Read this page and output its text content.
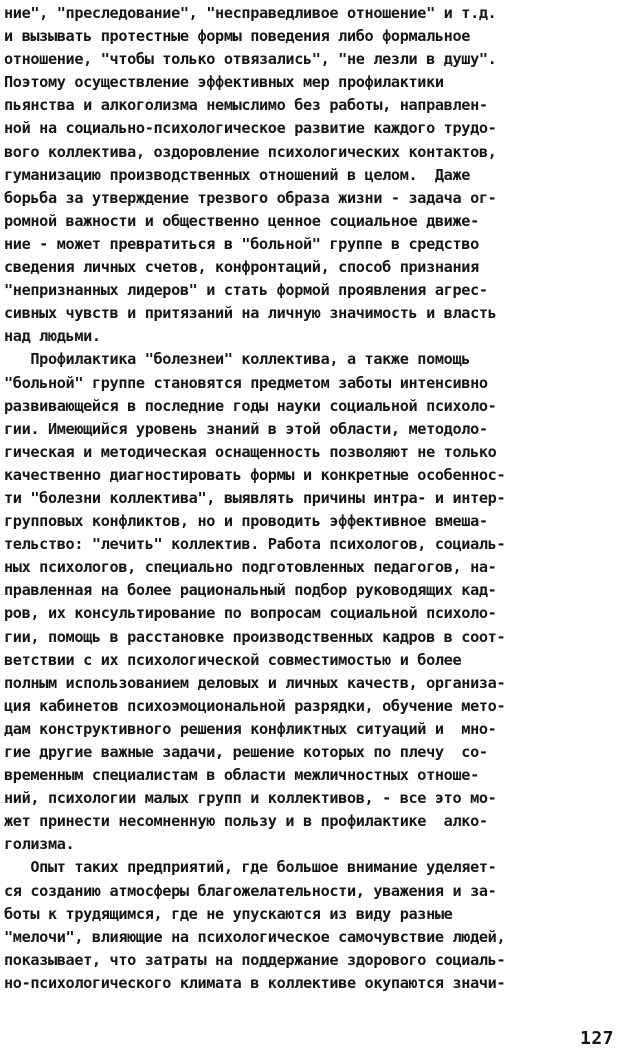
ние", "преследование", "несправедливое отношение" и т.д.
и вызывать протестные формы поведения либо формальное
отношение, "чтобы только отвязались", "не лезли в душу".
Поэтому осуществление эффективных мер профилактики
пьянства и алкоголизма немыслимо без работы, направлен-
ной на социально-психологическое развитие каждого трудо-
вого коллектива, оздоровление психологических контактов,
гуманизацию производственных отношений в целом.  Даже
борьба за утверждение трезвого образа жизни - задача ог-
ромной важности и общественно ценное социальное движе-
ние - может превратиться в "больной" группе в средство
сведения личных счетов, конфронтаций, способ признания
"непризнанных лидеров" и стать формой проявления агрес-
сивных чувств и притязаний на личную значимость и власть
над людьми.
Профилактика "болезнеи" коллектива, а также помощь
"больной" группе становятся предметом заботы интенсивно
развивающейся в последние годы науки социальной психоло-
гии. Имеющийся уровень знаний в этой области, методоло-
гическая и методическая оснащенность позволяют не только
качественно диагностировать формы и конкретные особеннос-
ти "болезни коллектива", выявлять причины интра- и интер-
групповых конфликтов, но и проводить эффективное вмеша-
тельство: "лечить" коллектив. Работа психологов, социаль-
ных психологов, специально подготовленных педагогов, на-
правленная на более рациональный подбор руководящих кад-
ров, их консультирование по вопросам социальной психоло-
гии, помощь в расстановке производственных кадров в соот-
ветствии с их психологической совместимостью и более
полным использованием деловых и личных качеств, организа-
ция кабинетов психоэмоциональной разрядки, обучение мето-
дам конструктивного решения конфликтных ситуаций и  мно-
гие другие важные задачи, решение которых по плечу  со-
временным специалистам в области межличностных отноше-
ний, психологии малых групп и коллективов, - все это мо-
жет принести несомненную пользу и в профилактике  алко-
голизма.
Опыт таких предприятий, где большое внимание уделяет-
ся созданию атмосферы благожелательности, уважения и за-
боты к трудящимся, где не упускаются из виду разные
"мелочи", влияющие на психологическое самочувствие людей,
показывает, что затраты на поддержание здорового социаль-
но-психологического климата в коллективе окупаются значи-
127
